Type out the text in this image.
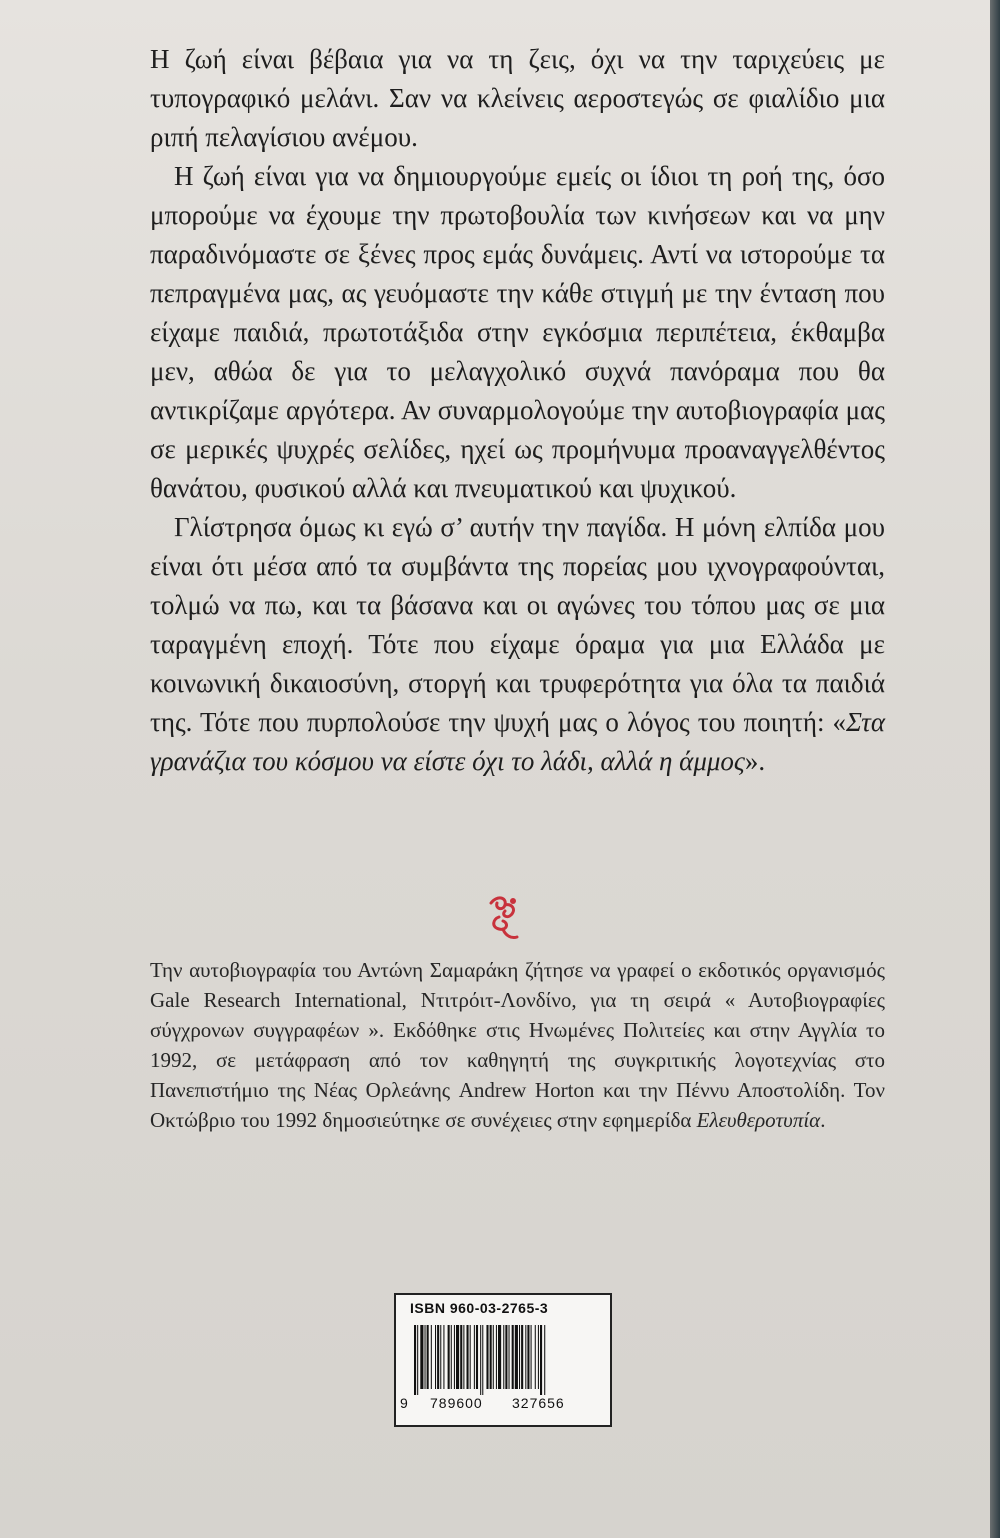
Η ζωή είναι βέβαια για να τη ζεις, όχι να την ταριχεύεις με τυπογραφικό μελάνι. Σαν να κλείνεις αεροστεγώς σε φιαλίδιο μια ριπή πελαγίσιου ανέμου.

Η ζωή είναι για να δημιουργούμε εμείς οι ίδιοι τη ροή της, όσο μπορούμε να έχουμε την πρωτοβουλία των κινήσεων και να μην παραδινόμαστε σε ξένες προς εμάς δυνάμεις. Αντί να ιστορούμε τα πεπραγμένα μας, ας γευόμαστε την κάθε στιγμή με την ένταση που είχαμε παιδιά, πρωτοτάξιδα στην εγκόσμια περιπέτεια, έκθαμβα μεν, αθώα δε για το μελαγχολικό συχνά πανόραμα που θα αντικρίζαμε αργότερα. Αν συναρμολογούμε την αυτοβιογραφία μας σε μερικές ψυχρές σελίδες, ηχεί ως προμήνυμα προαναγγελθέντος θανάτου, φυσικού αλλά και πνευματικού και ψυχικού.

Γλίστρησα όμως κι εγώ σ’ αυτήν την παγίδα. Η μόνη ελπίδα μου είναι ότι μέσα από τα συμβάντα της πορείας μου ιχνογραφούνται, τολμώ να πω, και τα βάσανα και οι αγώνες του τόπου μας σε μια ταραγμένη εποχή. Τότε που είχαμε όραμα για μια Ελλάδα με κοινωνική δικαιοσύνη, στοργή και τρυφερότητα για όλα τα παιδιά της. Τότε που πυρπολούσε την ψυχή μας ο λόγος του ποιητή: «Στα γρανάζια του κόσμου να είστε όχι το λάδι, αλλά η άμμος».

Την αυτοβιογραφία του Αντώνη Σαμαράκη ζήτησε να γραφεί ο εκδοτικός οργανισμός Gale Research International, Ντιτρόιτ-Λονδίνο, για τη σειρά « Αυτοβιογραφίες σύγχρονων συγγραφέων ». Εκδόθηκε στις Ηνωμένες Πολιτείες και στην Αγγλία το 1992, σε μετάφραση από τον καθηγητή της συγκριτικής λογοτεχνίας στο Πανεπιστήμιο της Νέας Ορλεάνης Andrew Horton και την Πέννυ Αποστολίδη. Τον Οκτώβριο του 1992 δημοσιεύτηκε σε συνέχειες στην εφημερίδα Ελευθεροτυπία.

ISBN 960-03-2765-3
9 789600 327656
